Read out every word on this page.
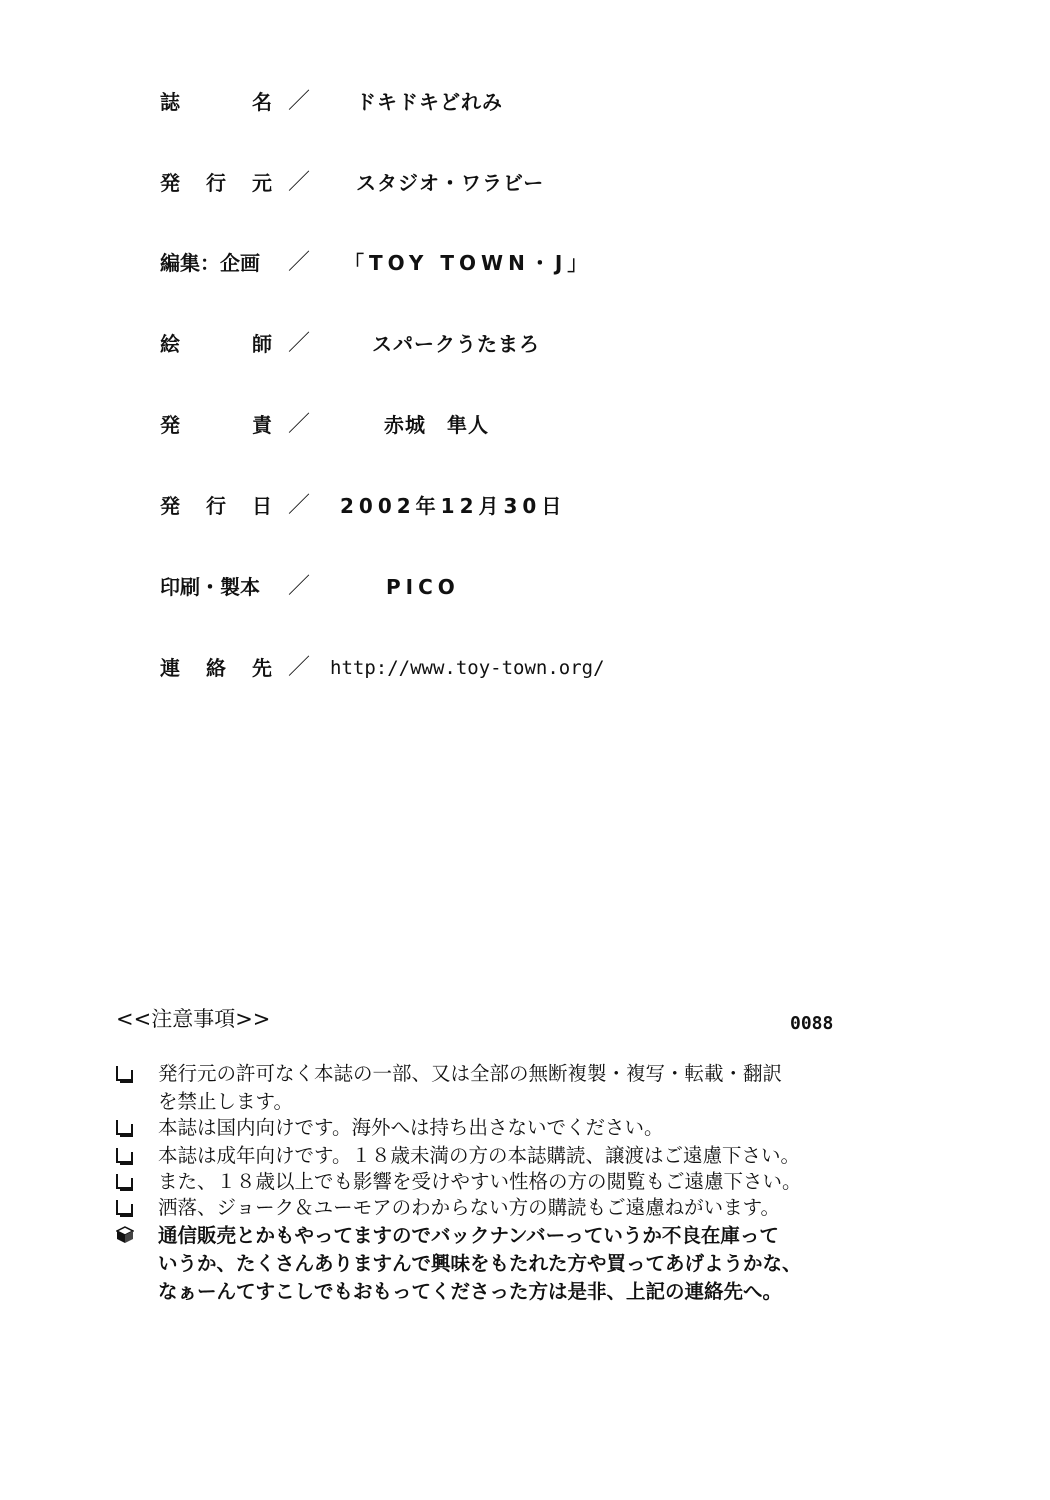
誌	名 ／ ドキドキどれみ
発 行 元 ／ スタジオ・ワラビー
編集：企画 ／ 「TOY TOWN・J」
絵	師 ／	スパークうたまろ
発	責 ／	赤城　隼人
発 行 日 ／ 2002年12月30日
印刷・製本 ／	PICO
連 絡 先 ／ http://www.toy-town.org/
<<注意事項>>	0088
発行元の許可なく本誌の一部、又は全部の無断複製・複写・転載・翻訳
を禁止します。
本誌は国内向けです。海外へは持ち出さないでください。
本誌は成年向けです。１８歳未満の方の本誌購読、譲渡はご遠慮下さい。
また、１８歳以上でも影響を受けやすい性格の方の閲覧もご遠慮下さい。
洒落、ジョーク＆ユーモアのわからない方の購読もご遠慮ねがいます。
通信販売とかもやってますのでバックナンバーっていうか不良在庫って
いうか、たくさんありますんで興味をもたれた方や買ってあげようかな、
なぁーんてすこしでもおもってくださった方は是非、上記の連絡先へ。
